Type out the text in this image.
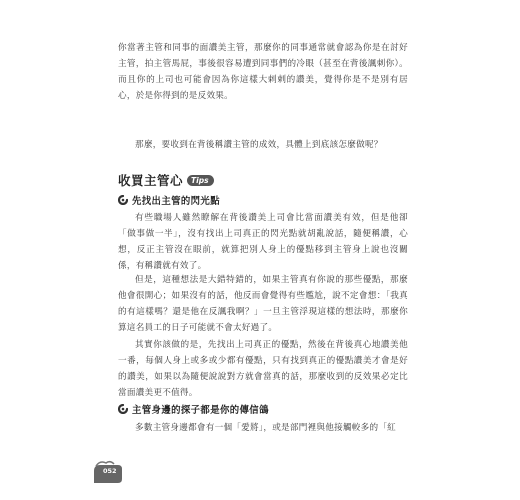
你當著主管和同事的面讚美主管，那麼你的同事通常就會認為你是在討好主管，拍主管馬屁，事後很容易遭到同事們的冷眼（甚至在背後諷刺你）。而且你的上司也可能會因為你這樣大剌剌的讚美，覺得你是不是別有居心，於是你得到的是反效果。

那麼，要收到在背後稱讚主管的成效，具體上到底該怎麼做呢？

收買主管心	Tips
先找出主管的閃光點

有些職場人雖然瞭解在背後讚美上司會比當面讚美有效，但是他卻「做事做一半」，沒有找出上司真正的閃光點就胡亂說話，隨便稱讚，心想，反正主管沒在眼前，就算把別人身上的優點移到主管身上說也沒關係，有稱讚就有效了。

但是，這種想法是大錯特錯的，如果主管真有你說的那些優點，那麼他會很開心；如果沒有的話，他反而會覺得有些尷尬，說不定會想：「我真的有這樣嗎？還是他在反諷我啊？」一旦主管浮現這樣的想法時，那麼你算這名員工的日子可能就不會太好過了。

其實你該做的是，先找出上司真正的優點，然後在背後真心地讚美他一番，每個人身上或多或少都有優點，只有找到真正的優點讚美才會是好的讚美，如果以為隨便說說對方就會當真的話，那麼收到的反效果必定比當面讚美更不值得。

主管身邊的探子都是你的傳信鴿

多數主管身邊都會有一個「愛將」，或是部門裡與他接觸較多的「紅

052
